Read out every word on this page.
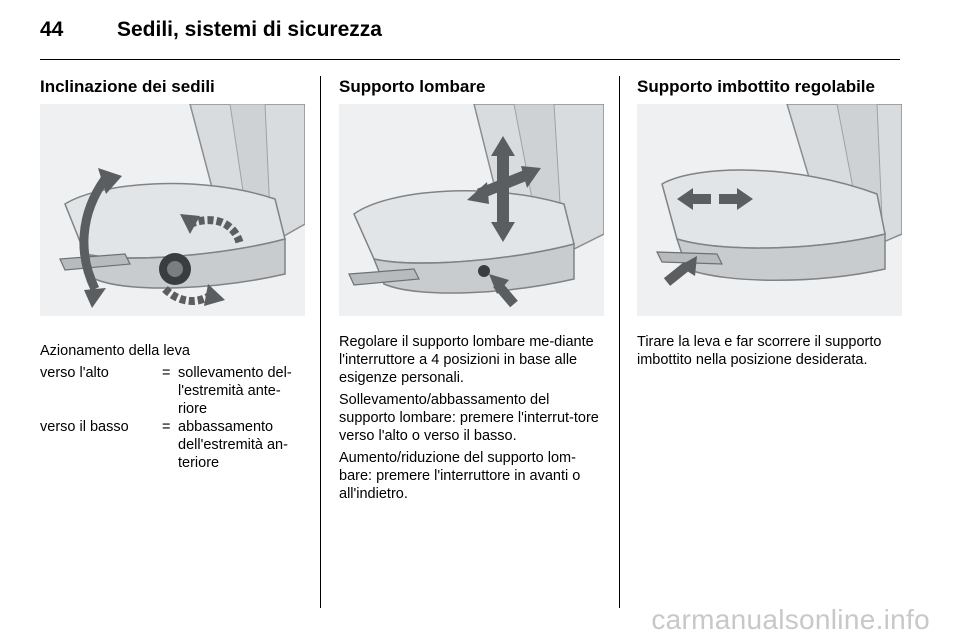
44	Sedili, sistemi di sicurezza
Inclinazione dei sedili
Azionamento della leva
verso l'alto	= sollevamento del-l'estremità ante-riore
verso il basso	= abbassamento dell'estremità an-teriore
Supporto lombare

Regolare il supporto lombare me-diante l'interruttore a 4 posizioni in base alle esigenze personali.

Sollevamento/abbassamento del supporto lombare: premere l'interrut-tore verso l'alto o verso il basso.

Aumento/riduzione del supporto lom-bare: premere l'interruttore in avanti o all'indietro.

Supporto imbottito regolabile

Tirare la leva e far scorrere il supporto imbottito nella posizione desiderata.

carmanualsonline.info
